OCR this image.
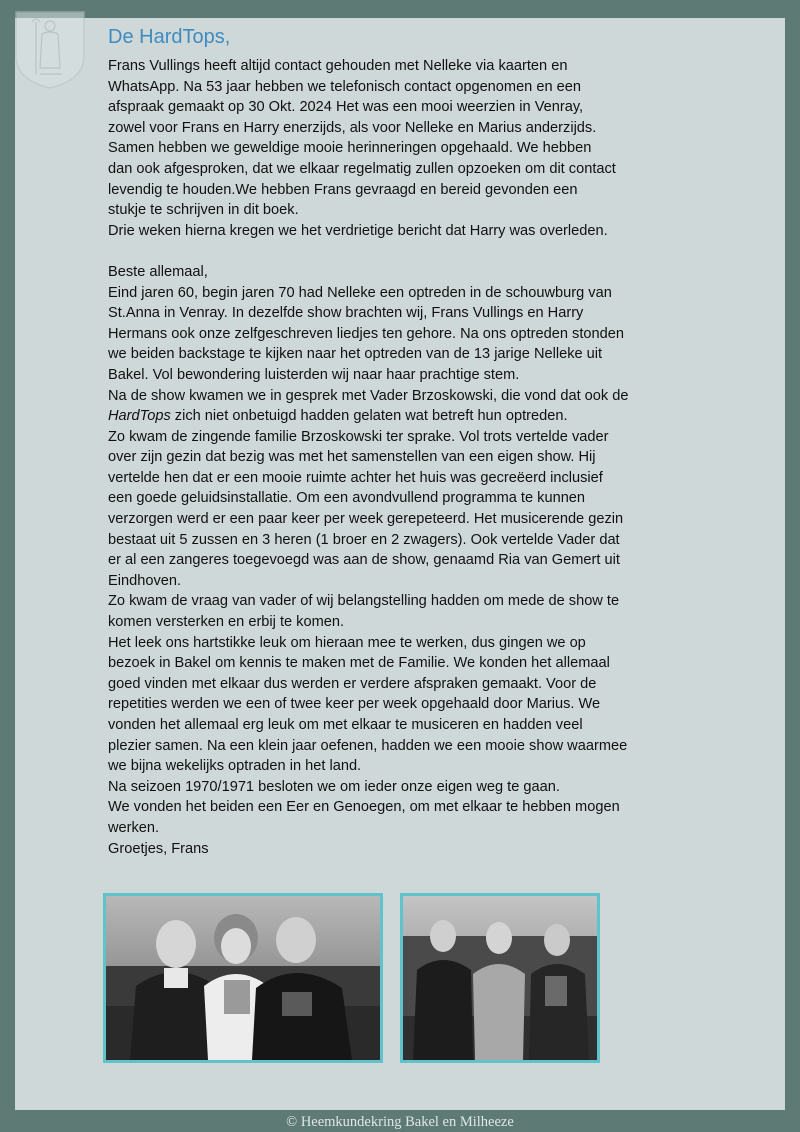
De HardTops,
Frans Vullings heeft altijd contact gehouden met Nelleke via kaarten en
WhatsApp. Na 53 jaar hebben we telefonisch contact opgenomen en een
afspraak gemaakt op 30 Okt. 2024 Het was een mooi weerzien in Venray,
zowel voor Frans en Harry enerzijds, als voor Nelleke en Marius anderzijds.
Samen hebben we geweldige mooie herinneringen opgehaald. We hebben
dan ook afgesproken, dat we elkaar regelmatig zullen opzoeken om dit contact
levendig te houden.We hebben Frans gevraagd en bereid gevonden een
stukje te schrijven in dit boek.
Drie weken hierna kregen we het verdrietige bericht dat Harry was overleden.
Beste allemaal,
Eind jaren 60, begin jaren 70 had Nelleke een optreden in de schouwburg van
St.Anna in Venray. In dezelfde show brachten wij, Frans Vullings en Harry
Hermans ook onze zelfgeschreven liedjes ten gehore. Na ons optreden stonden
we beiden backstage te kijken naar het optreden van de 13 jarige Nelleke uit
Bakel. Vol bewondering luisterden wij naar haar prachtige stem.
Na de show kwamen we in gesprek met Vader Brzoskowski, die vond dat ook de
HardTops zich niet onbetuigd hadden gelaten wat betreft hun optreden.
Zo kwam de zingende familie Brzoskowski ter sprake. Vol trots vertelde vader
over zijn gezin dat bezig was met het samenstellen van een eigen show. Hij
vertelde hen dat er een mooie ruimte achter het huis was gecreëerd inclusief
een goede geluidsinstallatie. Om een avondvullend programma te kunnen
verzorgen werd er een paar keer per week gerepeteerd. Het musicerende gezin
bestaat uit 5 zussen en 3 heren (1 broer en 2 zwagers). Ook vertelde Vader dat
er al een zangeres toegevoegd was aan de show, genaamd Ria van Gemert uit
Eindhoven.
Zo kwam de vraag van vader of wij belangstelling hadden om mede de show te
komen versterken en erbij te komen.
Het leek ons hartstikke leuk om hieraan mee te werken, dus gingen we op
bezoek in Bakel om kennis te maken met de Familie. We konden het allemaal
goed vinden met elkaar dus werden er verdere afspraken gemaakt. Voor de
repetities werden we een of twee keer per week opgehaald door Marius. We
vonden het allemaal erg leuk om met elkaar te musiceren en hadden veel
plezier samen. Na een klein jaar oefenen, hadden we een mooie show waarmee
we bijna wekelijks optraden in het land.
Na seizoen 1970/1971 besloten we om ieder onze eigen weg te gaan.
We vonden het beiden een Eer en Genoegen, om met elkaar te hebben mogen
werken.
Groetjes, Frans
© Heemkundekring Bakel en Milheeze
